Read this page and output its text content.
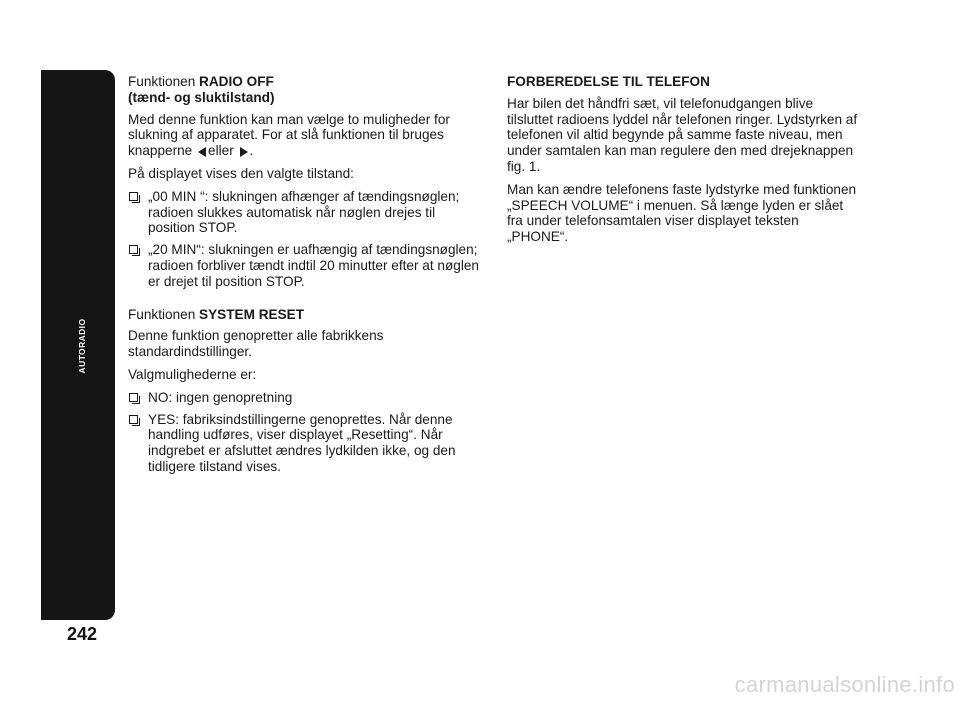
AUTORADIO
242
Funktionen RADIO OFF
(tænd- og sluktilstand)

Med denne funktion kan man vælge to muligheder for slukning af apparatet. For at slå funktionen til bruges knapperne eller .

På displayet vises den valgte tilstand:

„00 MIN “: slukningen afhænger af tændingsnøglen; radioen slukkes automatisk når nøglen drejes til position STOP.
„20 MIN“: slukningen er uafhængig af tændingsnøglen; radioen forbliver tændt indtil 20 minutter efter at nøglen er drejet til position STOP.
Funktionen SYSTEM RESET

Denne funktion genopretter alle fabrikkens standardindstillinger.

Valgmulighederne er:

NO: ingen genopretning
YES: fabriksindstillingerne genoprettes. Når denne handling udføres, viser displayet „Resetting“. Når indgrebet er afsluttet ændres lydkilden ikke, og den tidligere tilstand vises.
FORBEREDELSE TIL TELEFON

Har bilen det håndfri sæt, vil telefonudgangen blive tilsluttet radioens lyddel når telefonen ringer. Lydstyrken af telefonen vil altid begynde på samme faste niveau, men under samtalen kan man regulere den med drejeknappen fig. 1.

Man kan ændre telefonens faste lydstyrke med funktionen „SPEECH VOLUME“ i menuen. Så længe lyden er slået fra under telefonsamtalen viser displayet teksten „PHONE“.

carmanualsonline.info
